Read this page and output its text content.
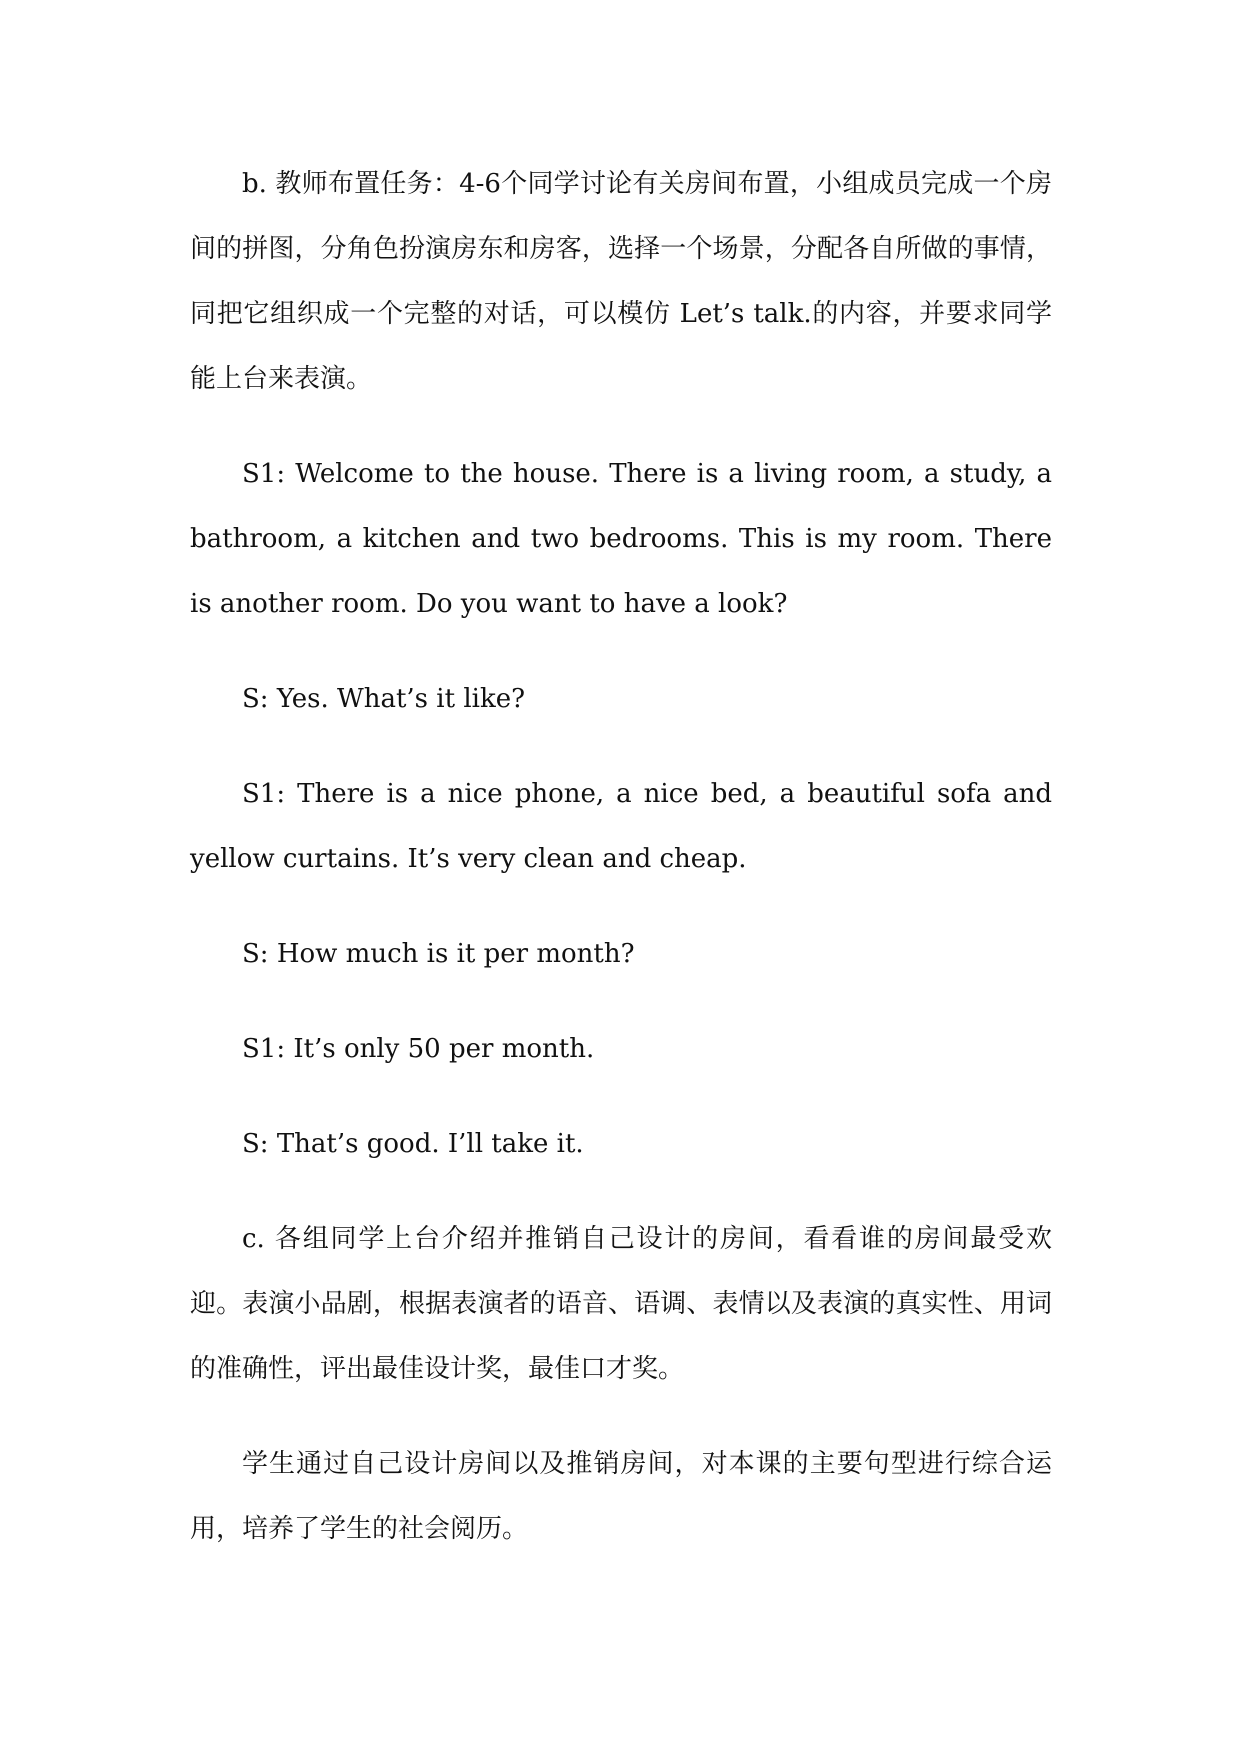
b. 教师布置任务：4-6个同学讨论有关房间布置，小组成员完成一个房间的拼图，分角色扮演房东和房客，选择一个场景，分配各自所做的事情，同把它组织成一个完整的对话，可以模仿 Let’s talk.的内容，并要求同学能上台来表演。

S1: Welcome to the house. There is a living room, a study, a bathroom, a kitchen and two bedrooms. This is my room. There is another room. Do you want to have a look?

S: Yes. What’s it like?

S1: There is a nice phone, a nice bed, a beautiful sofa and yellow curtains. It’s very clean and cheap.

S: How much is it per month?

S1: It’s only 50 per month.

S: That’s good. I’ll take it.

c. 各组同学上台介绍并推销自己设计的房间，看看谁的房间最受欢迎。表演小品剧，根据表演者的语音、语调、表情以及表演的真实性、用词的准确性，评出最佳设计奖，最佳口才奖。

学生通过自己设计房间以及推销房间，对本课的主要句型进行综合运用，培养了学生的社会阅历。
